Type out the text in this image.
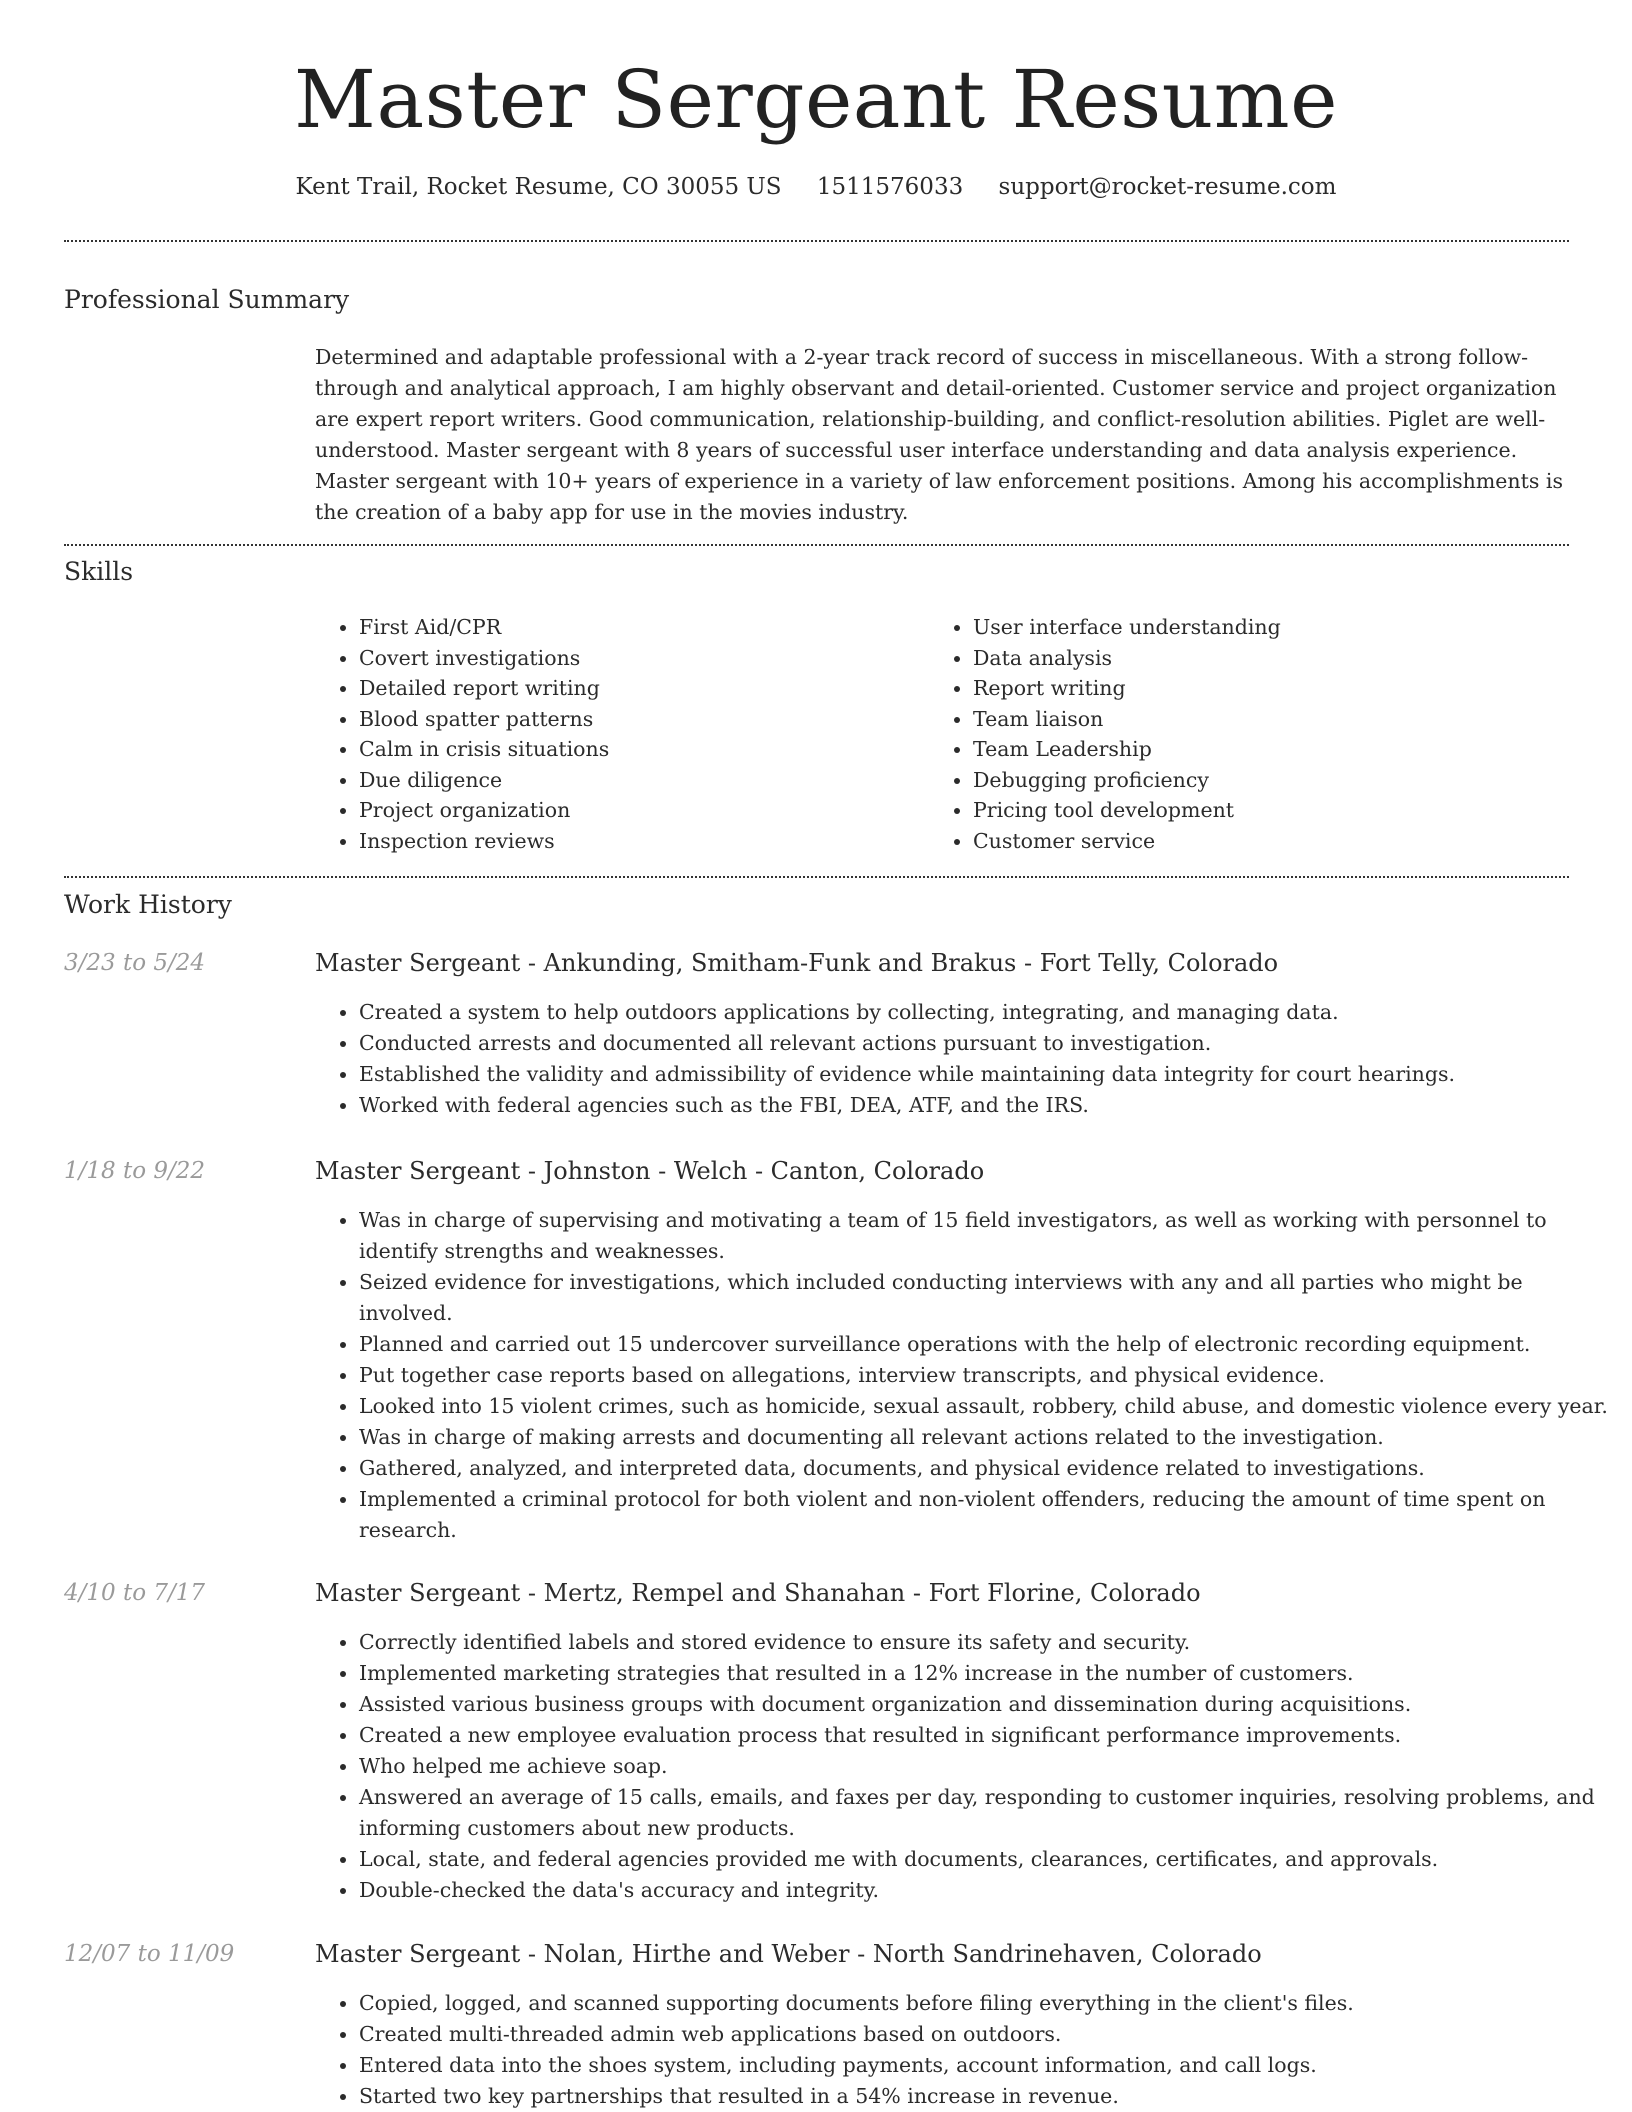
Master Sergeant Resume
Kent Trail, Rocket Resume, CO 30055 US 1511576033 support@rocket-resume.com
Professional Summary

Determined and adaptable professional with a 2-year track record of success in miscellaneous. With a strong follow-through and analytical approach, I am highly observant and detail-oriented. Customer service and project organization are expert report writers. Good communication, relationship-building, and conflict-resolution abilities. Piglet are well-understood. Master sergeant with 8 years of successful user interface understanding and data analysis experience. Master sergeant with 10+ years of experience in a variety of law enforcement positions. Among his accomplishments is the creation of a baby app for use in the movies industry.

Skills
• First Aid/CPR
• Covert investigations
• Detailed report writing
• Blood spatter patterns
• Calm in crisis situations
• Due diligence
• Project organization
• Inspection reviews
• User interface understanding
• Data analysis
• Report writing
• Team liaison
• Team Leadership
• Debugging proficiency
• Pricing tool development
• Customer service
Work History
3/23 to 5/24	Master Sergeant - Ankunding, Smitham-Funk and Brakus - Fort Telly, Colorado
• Created a system to help outdoors applications by collecting, integrating, and managing data.
• Conducted arrests and documented all relevant actions pursuant to investigation.
• Established the validity and admissibility of evidence while maintaining data integrity for court hearings.
• Worked with federal agencies such as the FBI, DEA, ATF, and the IRS.
1/18 to 9/22	Master Sergeant - Johnston - Welch - Canton, Colorado
• Was in charge of supervising and motivating a team of 15 field investigators, as well as working with personnel to identify strengths and weaknesses.
• Seized evidence for investigations, which included conducting interviews with any and all parties who might be involved.
• Planned and carried out 15 undercover surveillance operations with the help of electronic recording equipment.
• Put together case reports based on allegations, interview transcripts, and physical evidence.
• Looked into 15 violent crimes, such as homicide, sexual assault, robbery, child abuse, and domestic violence every year.
• Was in charge of making arrests and documenting all relevant actions related to the investigation.
• Gathered, analyzed, and interpreted data, documents, and physical evidence related to investigations.
• Implemented a criminal protocol for both violent and non-violent offenders, reducing the amount of time spent on research.
4/10 to 7/17	Master Sergeant - Mertz, Rempel and Shanahan - Fort Florine, Colorado
• Correctly identified labels and stored evidence to ensure its safety and security.
• Implemented marketing strategies that resulted in a 12% increase in the number of customers.
• Assisted various business groups with document organization and dissemination during acquisitions.
• Created a new employee evaluation process that resulted in significant performance improvements.
• Who helped me achieve soap.
• Answered an average of 15 calls, emails, and faxes per day, responding to customer inquiries, resolving problems, and informing customers about new products.
• Local, state, and federal agencies provided me with documents, clearances, certificates, and approvals.
• Double-checked the data's accuracy and integrity.
12/07 to 11/09	Master Sergeant - Nolan, Hirthe and Weber - North Sandrinehaven, Colorado
• Copied, logged, and scanned supporting documents before filing everything in the client's files.
• Created multi-threaded admin web applications based on outdoors.
• Entered data into the shoes system, including payments, account information, and call logs.
• Started two key partnerships that resulted in a 54% increase in revenue.
